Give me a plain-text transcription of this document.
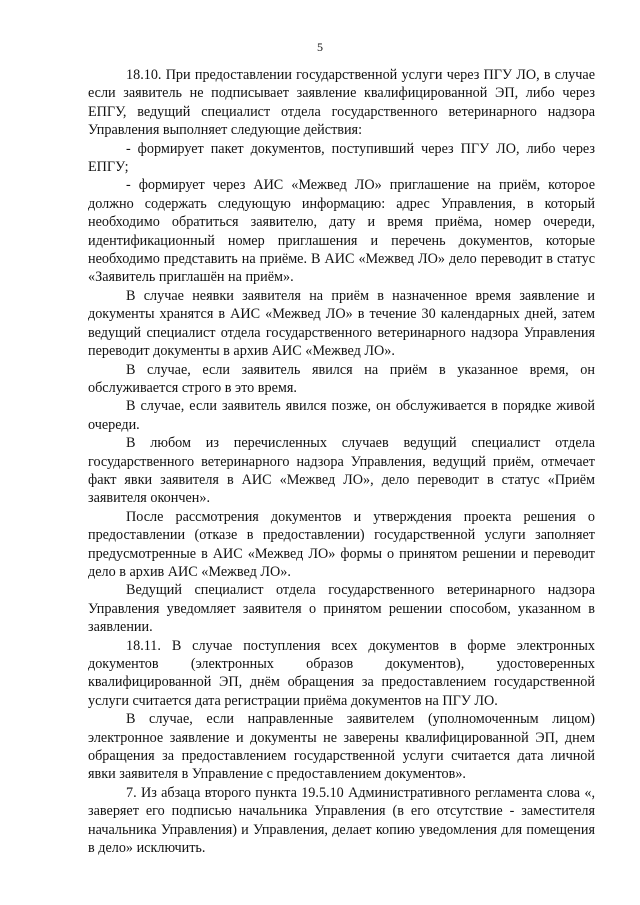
5

18.10. При предоставлении государственной услуги через ПГУ ЛО, в случае если заявитель не подписывает заявление квалифицированной ЭП, либо через ЕПГУ, ведущий специалист отдела государственного ветеринарного надзора Управления выполняет следующие действия:

- формирует пакет документов, поступивший через ПГУ ЛО, либо через ЕПГУ;

- формирует через АИС «Межвед ЛО» приглашение на приём, которое должно содержать следующую информацию: адрес Управления, в который необходимо обратиться заявителю, дату и время приёма, номер очереди, идентификационный номер приглашения и перечень документов, которые необходимо представить на приёме. В АИС «Межвед ЛО» дело переводит в статус «Заявитель приглашён на приём».

В случае неявки заявителя на приём в назначенное время заявление и документы хранятся в АИС «Межвед ЛО» в течение 30 календарных дней, затем ведущий специалист отдела государственного ветеринарного надзора Управления переводит документы в архив АИС «Межвед ЛО».

В случае, если заявитель явился на приём в указанное время, он обслуживается строго в это время.

В случае, если заявитель явился позже, он обслуживается в порядке живой очереди.

В любом из перечисленных случаев ведущий специалист отдела государственного ветеринарного надзора Управления, ведущий приём, отмечает факт явки заявителя в АИС «Межвед ЛО», дело переводит в статус «Приём заявителя окончен».

После рассмотрения документов и утверждения проекта решения о предоставлении (отказе в предоставлении) государственной услуги заполняет предусмотренные в АИС «Межвед ЛО» формы о принятом решении и переводит дело в архив АИС «Межвед ЛО».

Ведущий специалист отдела государственного ветеринарного надзора Управления уведомляет заявителя о принятом решении способом, указанном в заявлении.

18.11. В случае поступления всех документов в форме электронных документов (электронных образов документов), удостоверенных квалифицированной ЭП, днём обращения за предоставлением государственной услуги считается дата регистрации приёма документов на ПГУ ЛО.

В случае, если направленные заявителем (уполномоченным лицом) электронное заявление и документы не заверены квалифицированной ЭП, днем обращения за предоставлением государственной услуги считается дата личной явки заявителя в Управление с предоставлением документов».

7. Из абзаца второго пункта 19.5.10 Административного регламента слова «, заверяет его подписью начальника Управления (в его отсутствие - заместителя начальника Управления) и Управления, делает копию уведомления для помещения в дело» исключить.
